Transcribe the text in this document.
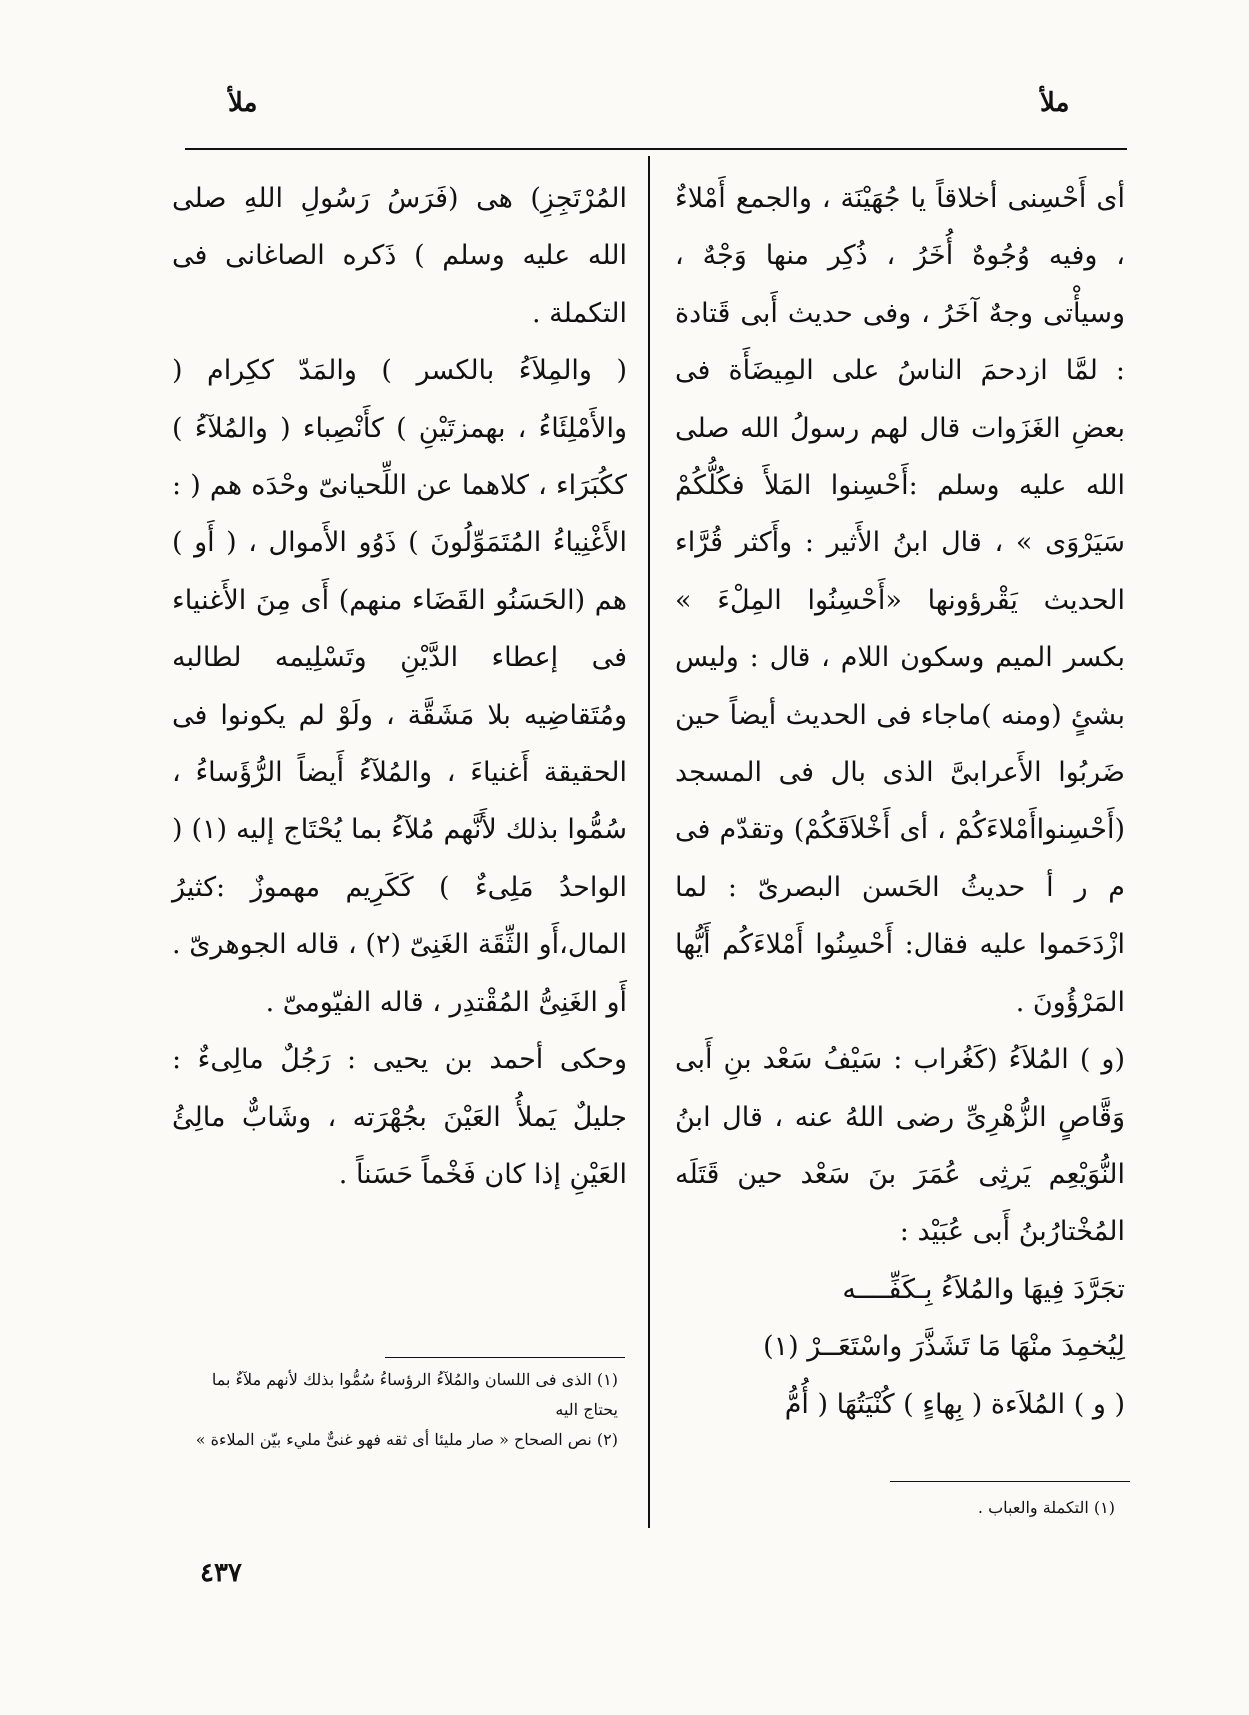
ملأ
ملأ

أى أَحْسِنى أخلاقاً يا جُهَيْنَة ، والجمع أَمْلاءٌ ، وفيه وُجُوهٌ أُخَرُ ، ذُكِر منها وَجْهٌ ، وسيأْتى وجهٌ آخَرُ ، وفى حديث أَبى قَتادة : لمَّا ازدحمَ الناسُ على المِيضَأَة فى بعضِ الغَزَوات قال لهم رسولُ الله صلى الله عليه وسلم :أَحْسِنوا المَلأَ فكُلُّكُمْ سَيَرْوَى » ، قال ابنُ الأَثير : وأَكثر قُرَّاء الحديث يَقْرؤونها «أَحْسِنُوا المِلْءَ » بكسر الميم وسكون اللام ، قال : وليس بشئٍ (ومنه )ماجاء فى الحديث أيضاً حين ضَربُوا الأَعرابىَّ الذى بال فى المسجد (أَحْسِنواأَمْلاءَكُمْ ، أى أَخْلاَقَكُمْ) وتقدّم فى م ر أ حديثُ الحَسن البصرىّ : لما ازْدَحَموا عليه فقال: أَحْسِنُوا أَمْلاءَكُم أَيُّها المَرْؤُونَ .

(و ) المُلاَءُ (كَغُراب : سَيْفُ سَعْد بنِ أَبى وَقَّاصٍ الزُّهْرِىِّ رضى اللهُ عنه ، قال ابنُ النُّوَيْعِم يَرثِى عُمَرَ بنَ سَعْد حين قَتَلَه المُخْتارُبنُ أَبى عُبَيْد :

تجَرَّدَ فِيهَا والمُلاَءُ بِـكَفِّــــه
لِيُخمِدَ منْهَا مَا تَشَذَّرَ واسْتَعَــرْ (١)

( و ) المُلاَءة ( بِهاءٍ ) كُنْيَتُهَا ( أُمُّ

المُرْتَجِزِ) هى (فَرَسُ رَسُولِ اللهِ صلى الله عليه وسلم ) ذَكره الصاغانى فى التكملة .

( والمِلاَءُ بالكسر ) والمَدّ ككِرام ( والأَمْلِئَاءُ ، بهمزتَيْنِ ) كأَنْصِباء ( والمُلآءُ ) ككُبَرَاء ، كلاهما عن اللِّحيانىّ وحْدَه هم ( : الأَغْنِياءُ المُتَمَوِّلُونَ ) ذَوُو الأَموال ، ( أَو ) هم (الحَسَنُو القَضَاء منهم) أَى مِنَ الأَغنياء فى إعطاء الدَّيْنِ وتَسْلِيمه لطالبه ومُتَقاضِيه بلا مَشَقَّة ، ولَوْ لم يكونوا فى الحقيقة أَغنياءَ ، والمُلآءُ أَيضاً الرُّؤَساءُ ، سُمُّوا بذلك لأَنَّهم مُلآءُ بما يُحْتَاج إليه (١) ( الواحدُ مَلِىءٌ ) كَكَرِيم مهموزٌ :كثيرُ المال،أَو الثِّقَة الغَنِىّ (٢) ، قاله الجوهرىّ . أَو الغَنِىُّ المُقْتدِر ، قاله الفيّومىّ .

وحكى أحمد بن يحيى : رَجُلٌ مالِىءٌ : جليلٌ يَملأُ العَيْنَ بجُهْرَته ، وشَابٌّ مالِئُ العَيْنِ إذا كان فَخْماً حَسَناً .

(١) الذى فى اللسان والمُلآءُ الرؤساءُ سُمُّوا بذلك لأنهم ملآءٌ بما يحتاج اليه

(٢) نص الصحاح « صار مليئا أى ثقه فهو غنىٌّ مليء بيّن الملاءة »

(١) التكملة والعباب .

٤٣٧
